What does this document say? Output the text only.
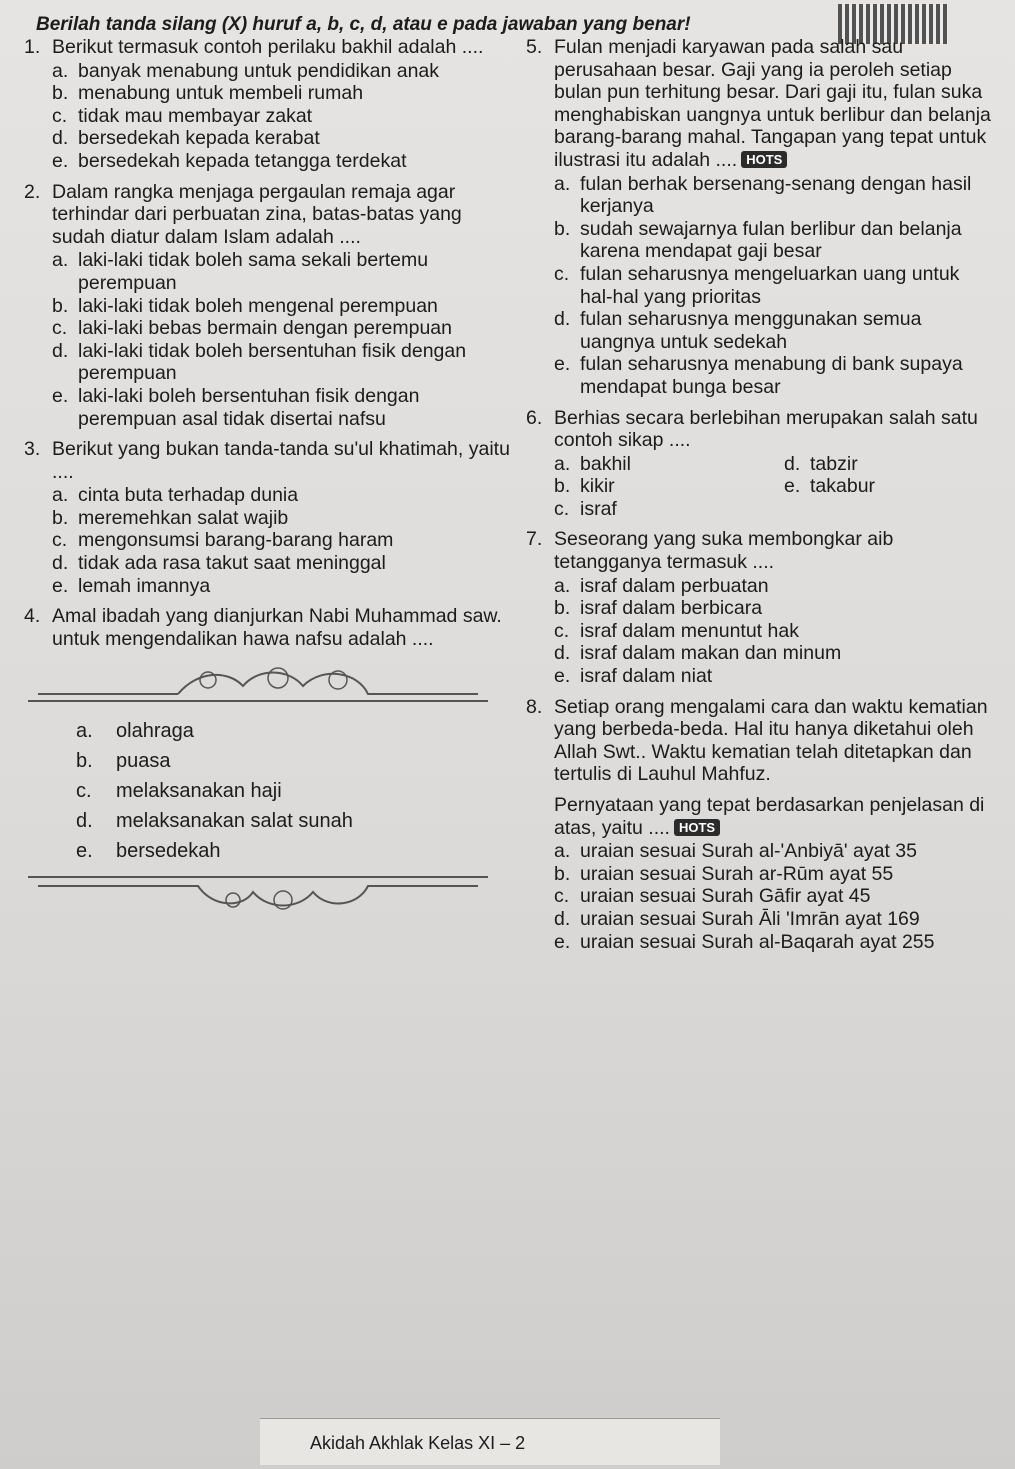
Berilah tanda silang (X) huruf a, b, c, d, atau e pada jawaban yang benar!
1. Berikut termasuk contoh perilaku bakhil adalah ....
a. banyak menabung untuk pendidikan anak
b. menabung untuk membeli rumah
c. tidak mau membayar zakat
d. bersedekah kepada kerabat
e. bersedekah kepada tetangga terdekat
2. Dalam rangka menjaga pergaulan remaja agar terhindar dari perbuatan zina, batas-batas yang sudah diatur dalam Islam adalah ....
a. laki-laki tidak boleh sama sekali bertemu perempuan
b. laki-laki tidak boleh mengenal perempuan
c. laki-laki bebas bermain dengan perempuan
d. laki-laki tidak boleh bersentuhan fisik dengan perempuan
e. laki-laki boleh bersentuhan fisik dengan perempuan asal tidak disertai nafsu
3. Berikut yang bukan tanda-tanda su'ul khatimah, yaitu ....
a. cinta buta terhadap dunia
b. meremehkan salat wajib
c. mengonsumsi barang-barang haram
d. tidak ada rasa takut saat meninggal
e. lemah imannya
4. Amal ibadah yang dianjurkan Nabi Muhammad saw. untuk mengendalikan hawa nafsu adalah ....
a. olahraga
b. puasa
c. melaksanakan haji
d. melaksanakan salat sunah
e. bersedekah
5. Fulan menjadi karyawan pada salah sau perusahaan besar. Gaji yang ia peroleh setiap bulan pun terhitung besar. Dari gaji itu, fulan suka menghabiskan uangnya untuk berlibur dan belanja barang-barang mahal. Tangapan yang tepat untuk ilustrasi itu adalah .... HOTS
a. fulan berhak bersenang-senang dengan hasil kerjanya
b. sudah sewajarnya fulan berlibur dan belanja karena mendapat gaji besar
c. fulan seharusnya mengeluarkan uang untuk hal-hal yang prioritas
d. fulan seharusnya menggunakan semua uangnya untuk sedekah
e. fulan seharusnya menabung di bank supaya mendapat bunga besar
6. Berhias secara berlebihan merupakan salah satu contoh sikap ....
a. bakhil	d. tabzir
b. kikir	e. takabur
c. israf
7. Seseorang yang suka membongkar aib tetangganya termasuk ....
a. israf dalam perbuatan
b. israf dalam berbicara
c. israf dalam menuntut hak
d. israf dalam makan dan minum
e. israf dalam niat
8. Setiap orang mengalami cara dan waktu kematian yang berbeda-beda. Hal itu hanya diketahui oleh Allah Swt.. Waktu kematian telah ditetapkan dan tertulis di Lauhul Mahfuz.
Pernyataan yang tepat berdasarkan penjelasan di atas, yaitu .... HOTS
a. uraian sesuai Surah al-'Anbiyā' ayat 35
b. uraian sesuai Surah ar-Rūm ayat 55
c. uraian sesuai Surah Gāfir ayat 45
d. uraian sesuai Surah Āli 'Imrān ayat 169
e. uraian sesuai Surah al-Baqarah ayat 255
Akidah Akhlak Kelas XI – 2
